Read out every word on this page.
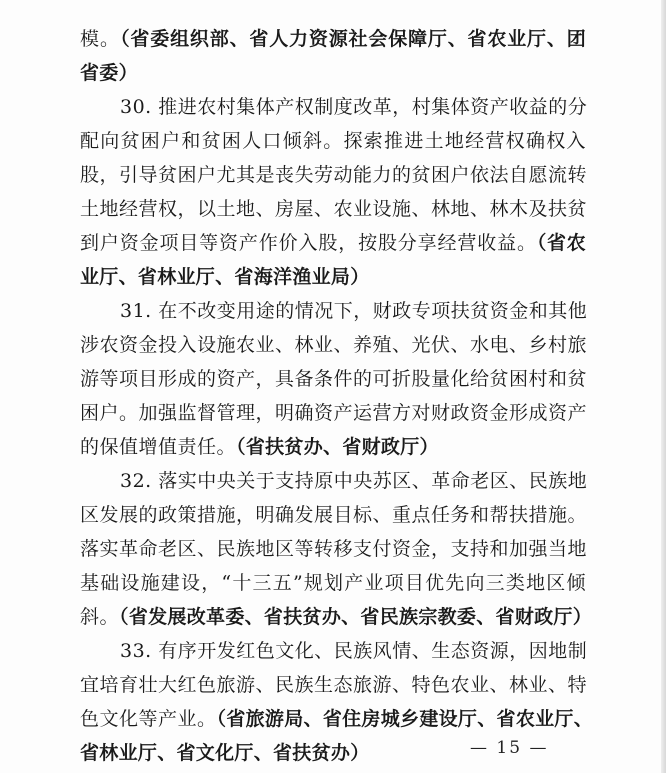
模。（省委组织部、省人力资源社会保障厅、省农业厅、团
省委）
30. 推进农村集体产权制度改革，村集体资产收益的分
配向贫困户和贫困人口倾斜。探索推进土地经营权确权入
股，引导贫困户尤其是丧失劳动能力的贫困户依法自愿流转
土地经营权，以土地、房屋、农业设施、林地、林木及扶贫
到户资金项目等资产作价入股，按股分享经营收益。（省农
业厅、省林业厅、省海洋渔业局）
31. 在不改变用途的情况下，财政专项扶贫资金和其他
涉农资金投入设施农业、林业、养殖、光伏、水电、乡村旅
游等项目形成的资产，具备条件的可折股量化给贫困村和贫
困户。加强监督管理，明确资产运营方对财政资金形成资产
的保值增值责任。（省扶贫办、省财政厅）
32. 落实中央关于支持原中央苏区、革命老区、民族地
区发展的政策措施，明确发展目标、重点任务和帮扶措施。
落实革命老区、民族地区等转移支付资金，支持和加强当地
基础设施建设，“十三五”规划产业项目优先向三类地区倾
斜。（省发展改革委、省扶贫办、省民族宗教委、省财政厅）
33. 有序开发红色文化、民族风情、生态资源，因地制
宜培育壮大红色旅游、民族生态旅游、特色农业、林业、特
色文化等产业。（省旅游局、省住房城乡建设厅、省农业厅、
省林业厅、省文化厅、省扶贫办）	— 15 —
